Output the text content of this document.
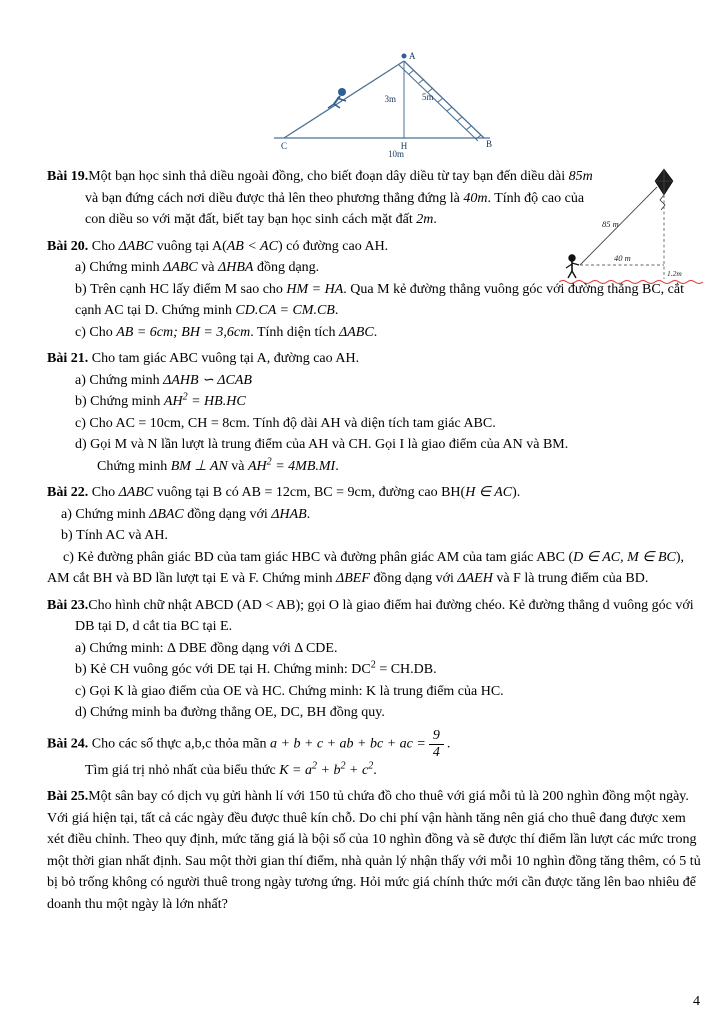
A
C	H	B
3m	5m
10m
85 m
40 m
1.2m
Bài 19.Một bạn học sinh thả diều ngoài đồng, cho biết đoạn dây diều từ tay bạn đến diều dài 85m và bạn đứng cách nơi diều được thả lên theo phương thẳng đứng là 40m. Tính độ cao của con diều so với mặt đất, biết tay bạn học sinh cách mặt đất 2m.
Bài 20. Cho ΔABC vuông tại A(AB < AC) có đường cao AH.
a) Chứng minh ΔABC và ΔHBA đồng dạng.
b) Trên cạnh HC lấy điểm M sao cho HM = HA. Qua M kẻ đường thẳng vuông góc với đường thẳng BC, cắt cạnh AC tại D. Chứng minh CD.CA = CM.CB.
c) Cho AB = 6cm; BH = 3,6cm. Tính diện tích ΔABC.
Bài 21. Cho tam giác ABC vuông tại A, đường cao AH.
a) Chứng minh ΔAHB ∽ ΔCAB
b) Chứng minh $AH^2 = HB.HC$
c) Cho AC = 10cm, CH = 8cm. Tính độ dài AH và diện tích tam giác ABC.
d) Gọi M và N lần lượt là trung điểm của AH và CH. Gọi I là giao điểm của AN và BM.
Chứng minh BM ⊥ AN và $AH^2 = 4MB.MI$.
Bài 22. Cho ΔABC vuông tại B có AB = 12cm, BC = 9cm, đường cao BH(H ∈ AC).
a) Chứng minh ΔBAC đồng dạng với ΔHAB.
b) Tính AC và AH.
c) Kẻ đường phân giác BD của tam giác HBC và đường phân giác AM của tam giác ABC (D ∈ AC, M ∈ BC), AM cắt BH và BD lần lượt tại E và F. Chứng minh ΔBEF đồng dạng với ΔAEH và F là trung điểm của BD.
Bài 23.Cho hình chữ nhật ABCD (AD < AB); gọi O là giao điểm hai đường chéo. Kẻ đường thẳng d vuông góc với DB tại D, d cắt tia BC tại E.
a) Chứng minh: Δ DBE đồng dạng với Δ CDE.
b) Kẻ CH vuông góc với DE tại H. Chứng minh: $DC^2 = CH.DB$.
c) Gọi K là giao điểm của OE và HC. Chứng minh: K là trung điểm của HC.
d) Chứng minh ba đường thẳng OE, DC, BH đồng quy.
Bài 24. Cho các số thực a,b,c thỏa mãn a + b + c + ab + bc + ac = $\frac{9}{4}$ .
Tìm giá trị nhỏ nhất của biểu thức $K = a^2 + b^2 + c^2$.
Bài 25.Một sân bay có dịch vụ gửi hành lí với 150 tủ chứa đồ cho thuê với giá mỗi tủ là 200 nghìn đồng một ngày. Với giá hiện tại, tất cả các ngày đều được thuê kín chỗ. Do chi phí vận hành tăng nên giá cho thuê đang được xem xét điều chỉnh. Theo quy định, mức tăng giá là bội số của 10 nghìn đồng và sẽ được thí điểm lần lượt các mức trong một thời gian nhất định. Sau một thời gian thí điểm, nhà quản lý nhận thấy với mỗi 10 nghìn đồng tăng thêm, có 5 tủ bị bỏ trống không có người thuê trong ngày tương ứng. Hỏi mức giá chính thức mới cần được tăng lên bao nhiêu để doanh thu một ngày là lớn nhất?
4
